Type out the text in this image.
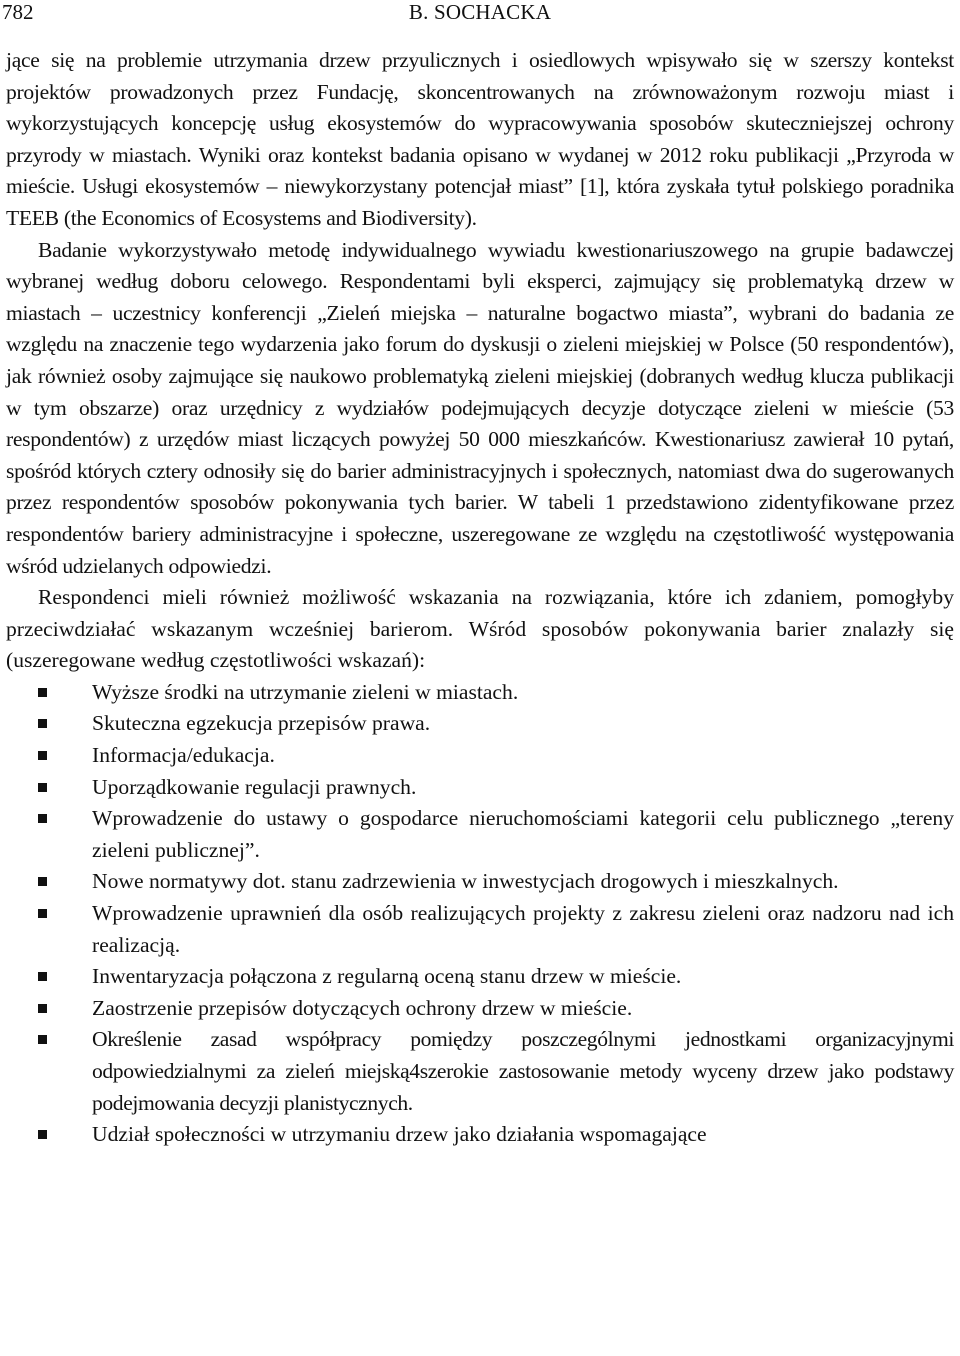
782	B. SOCHACKA

jące się na problemie utrzymania drzew przyulicznych i osiedlowych wpisywało się w szerszy kontekst projektów prowadzonych przez Fundację, skoncentrowanych na zrównoważonym rozwoju miast i wykorzystujących koncepcję usług ekosystemów do wypracowywania sposobów skuteczniejszej ochrony przyrody w miastach. Wyniki oraz kontekst badania opisano w wydanej w 2012 roku publikacji „Przyroda w mieście. Usługi ekosystemów – niewykorzystany potencjał miast” [1], która zyskała tytuł polskiego poradnika TEEB (the Economics of Ecosystems and Biodiversity).

Badanie wykorzystywało metodę indywidualnego wywiadu kwestionariuszowego na grupie badawczej wybranej według doboru celowego. Respondentami byli eksperci, zajmujący się problematyką drzew w miastach – uczestnicy konferencji „Zieleń miejska – naturalne bogactwo miasta”, wybrani do badania ze względu na znaczenie tego wydarzenia jako forum do dyskusji o zieleni miejskiej w Polsce (50 respondentów), jak również osoby zajmujące się naukowo problematyką zieleni miejskiej (dobranych według klucza publikacji w tym obszarze) oraz urzędnicy z wydziałów podejmujących decyzje dotyczące zieleni w mieście (53 respondentów) z urzędów miast liczących powyżej 50 000 mieszkańców. Kwestionariusz zawierał 10 pytań, spośród których cztery odnosiły się do barier administracyjnych i społecznych, natomiast dwa do sugerowanych przez respondentów sposobów pokonywania tych barier. W tabeli 1 przedstawiono zidentyfikowane przez respondentów bariery administracyjne i społeczne, uszeregowane ze względu na częstotliwość występowania wśród udzielanych odpowiedzi.

Respondenci mieli również możliwość wskazania na rozwiązania, które ich zdaniem, pomogłyby przeciwdziałać wskazanym wcześniej barierom. Wśród sposobów pokonywania barier znalazły się (uszeregowane według częstotliwości wskazań):

Wyższe środki na utrzymanie zieleni w miastach.
Skuteczna egzekucja przepisów prawa.
Informacja/edukacja.
Uporządkowanie regulacji prawnych.
Wprowadzenie do ustawy o gospodarce nieruchomościami kategorii celu publicznego „tereny zieleni publicznej”.
Nowe normatywy dot. stanu zadrzewienia w inwestycjach drogowych i mieszkalnych.
Wprowadzenie uprawnień dla osób realizujących projekty z zakresu zieleni oraz nadzoru nad ich realizacją.
Inwentaryzacja połączona z regularną oceną stanu drzew w mieście.
Zaostrzenie przepisów dotyczących ochrony drzew w mieście.
Określenie zasad współpracy pomiędzy poszczególnymi jednostkami organizacyjnymi odpowiedzialnymi za zieleń miejską4szerokie zastosowanie metody wyceny drzew jako podstawy podejmowania decyzji planistycznych.
Udział społeczności w utrzymaniu drzew jako działania wspomagające
